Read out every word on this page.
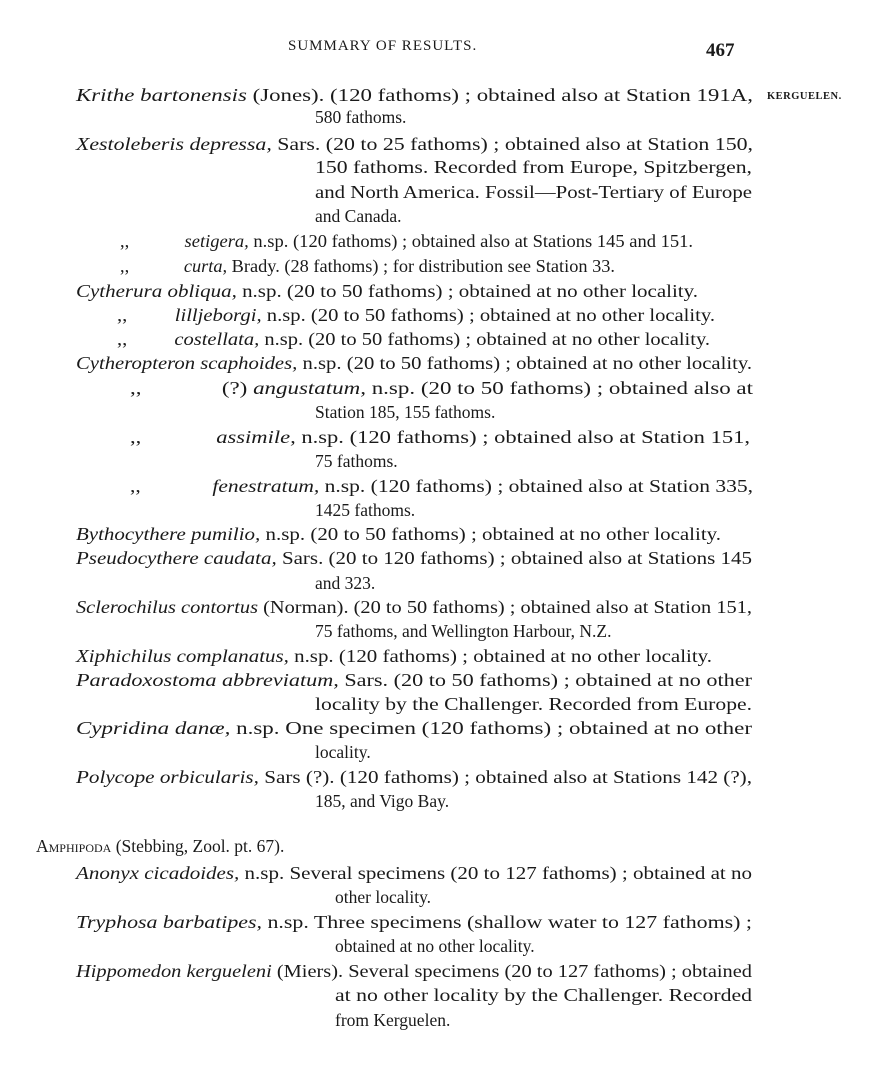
SUMMARY OF RESULTS.	467
KERGUELEN.
Krithe bartonensis (Jones). (120 fathoms) ; obtained also at Station 191A,
580 fathoms.
Xestoleberis depressa, Sars. (20 to 25 fathoms) ; obtained also at Station 150,
150 fathoms. Recorded from Europe, Spitzbergen,
and North America. Fossil—Post-Tertiary of Europe
and Canada.
,,	setigera, n.sp. (120 fathoms) ; obtained also at Stations 145 and 151.
,,	curta, Brady. (28 fathoms) ; for distribution see Station 33.
Cytherura obliqua, n.sp. (20 to 50 fathoms) ; obtained at no other locality.
,,	lilljeborgi, n.sp. (20 to 50 fathoms) ; obtained at no other locality.
,,	costellata, n.sp. (20 to 50 fathoms) ; obtained at no other locality.
Cytheropteron scaphoides, n.sp. (20 to 50 fathoms) ; obtained at no other locality.
,,	(?) angustatum, n.sp. (20 to 50 fathoms) ; obtained also at
Station 185, 155 fathoms.
,,	assimile, n.sp. (120 fathoms) ; obtained also at Station 151,
75 fathoms.
,,	fenestratum, n.sp. (120 fathoms) ; obtained also at Station 335,
1425 fathoms.
Bythocythere pumilio, n.sp. (20 to 50 fathoms) ; obtained at no other locality.
Pseudocythere caudata, Sars. (20 to 120 fathoms) ; obtained also at Stations 145
and 323.
Sclerochilus contortus (Norman). (20 to 50 fathoms) ; obtained also at Station 151,
75 fathoms, and Wellington Harbour, N.Z.
Xiphichilus complanatus, n.sp. (120 fathoms) ; obtained at no other locality.
Paradoxostoma abbreviatum, Sars. (20 to 50 fathoms) ; obtained at no other
locality by the Challenger. Recorded from Europe.
Cypridina danæ, n.sp. One specimen (120 fathoms) ; obtained at no other
locality.
Polycope orbicularis, Sars (?). (120 fathoms) ; obtained also at Stations 142 (?),
185, and Vigo Bay.
Amphipoda (Stebbing, Zool. pt. 67).
Anonyx cicadoides, n.sp. Several specimens (20 to 127 fathoms) ; obtained at no
other locality.
Tryphosa barbatipes, n.sp. Three specimens (shallow water to 127 fathoms) ;
obtained at no other locality.
Hippomedon kergueleni (Miers). Several specimens (20 to 127 fathoms) ; obtained
at no other locality by the Challenger. Recorded
from Kerguelen.
